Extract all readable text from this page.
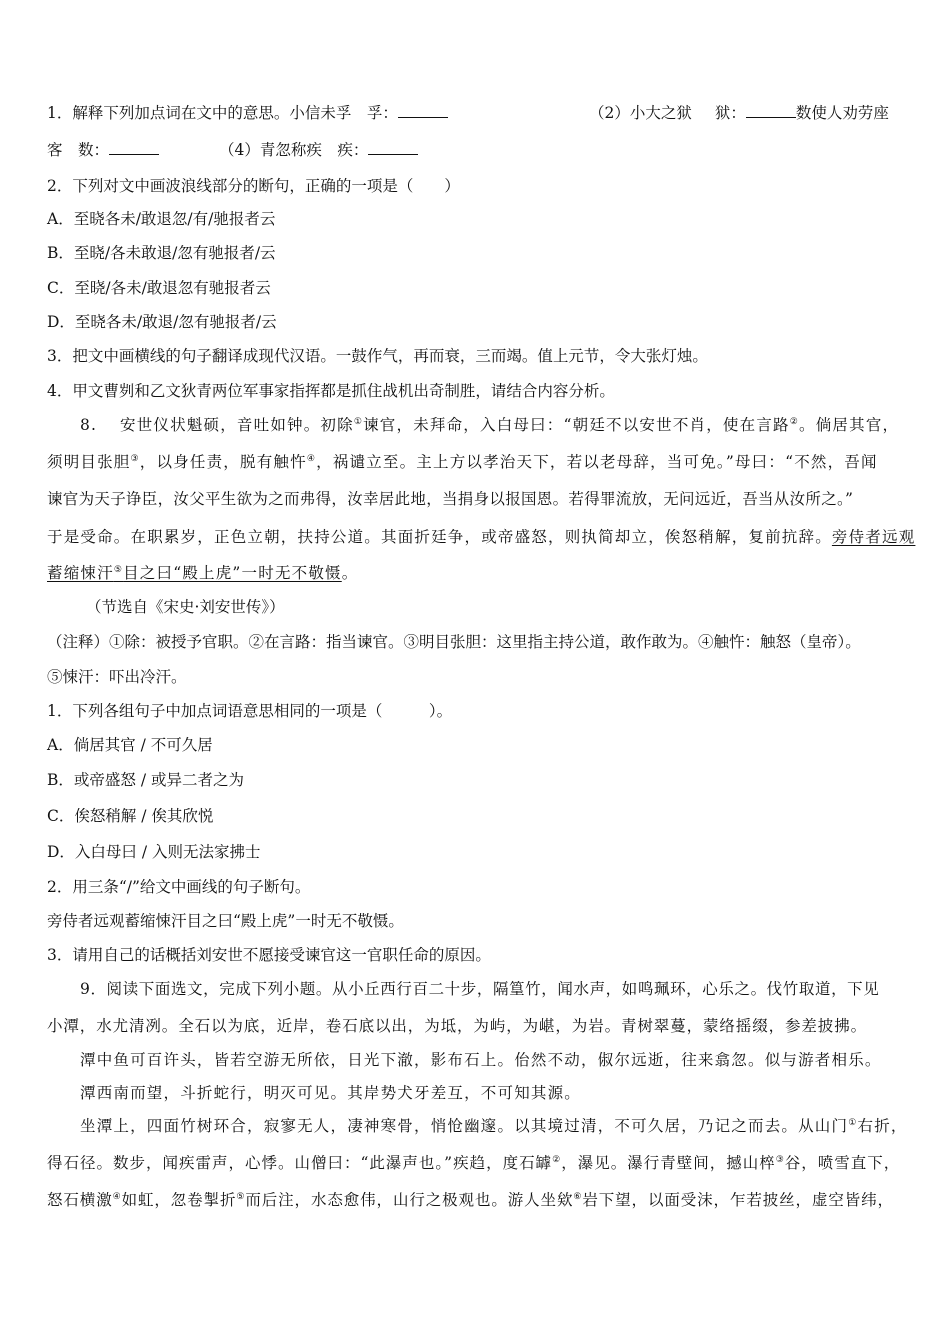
1．解释下列加点词在文中的意思。小信未孚　孚：	（2）小大之狱 狱：	数使人劝劳座
客　数：	（4）青忽称疾　疾：
2．下列对文中画波浪线部分的断句，正确的一项是（　　）
A．至晓各未/敢退忽/有/驰报者云
B．至晓/各未敢退/忽有驰报者/云
C．至晓/各未/敢退忽有驰报者云
D．至晓各未/敢退/忽有驰报者/云
3．把文中画横线的句子翻译成现代汉语。一鼓作气，再而衰，三而竭。值上元节，令大张灯烛。
4．甲文曹刿和乙文狄青两位军事家指挥都是抓住战机出奇制胜，请结合内容分析。
8.　 安世仪状魁硕，音吐如钟。初除①谏官，未拜命，入白母曰：“朝廷不以安世不肖，使在言路②。倘居其官，
须明目张胆③，以身任责，脱有触忤④，祸谴立至。主上方以孝治天下，若以老母辞，当可免。”母曰：“不然，吾闻
谏官为天子诤臣，汝父平生欲为之而弗得，汝幸居此地，当捐身以报国恩。若得罪流放，无问远近，吾当从汝所之。”
于是受命。在职累岁，正色立朝，扶持公道。其面折廷争，或帝盛怒，则执简却立，俟怒稍解，复前抗辞。旁侍者远观
蓄缩悚汗⑤目之曰“殿上虎”一时无不敬慑。
（节选自《宋史·刘安世传》）
（注释）①除：被授予官职。②在言路：指当谏官。③明目张胆：这里指主持公道，敢作敢为。④触忤：触怒（皇帝）。
⑤悚汗：吓出冷汗。
1．下列各组句子中加点词语意思相同的一项是（　　　）。
A．倘居其官 / 不可久居
B．或帝盛怒 / 或异二者之为
C．俟怒稍解 / 俟其欣悦
D．入白母曰 / 入则无法家拂士
2．用三条“/”给文中画线的句子断句。
旁侍者远观蓄缩悚汗目之曰“殿上虎”一时无不敬慑。
3．请用自己的话概括刘安世不愿接受谏官这一官职任命的原因。
9．阅读下面选文，完成下列小题。从小丘西行百二十步，隔篁竹，闻水声，如鸣珮环，心乐之。伐竹取道，下见
小潭，水尤清冽。全石以为底，近岸，卷石底以出，为坻，为屿，为嵁，为岩。青树翠蔓，蒙络摇缀，参差披拂。
潭中鱼可百许头，皆若空游无所依，日光下澈，影布石上。佁然不动，俶尔远逝，往来翕忽。似与游者相乐。
潭西南而望，斗折蛇行，明灭可见。其岸势犬牙差互，不可知其源。
坐潭上，四面竹树环合，寂寥无人，凄神寒骨，悄怆幽邃。以其境过清，不可久居，乃记之而去。从山门①右折，
得石径。数步，闻疾雷声，心悸。山僧曰：“此瀑声也。”疾趋，度石罅②，瀑见。瀑行青壁间，撼山椊③谷，喷雪直下，
怒石横激④如虹，忽卷掣折⑤而后注，水态愈伟，山行之极观也。游人坐欸⑥岩下望，以面受沫，乍若披丝，虚空皆纬，
